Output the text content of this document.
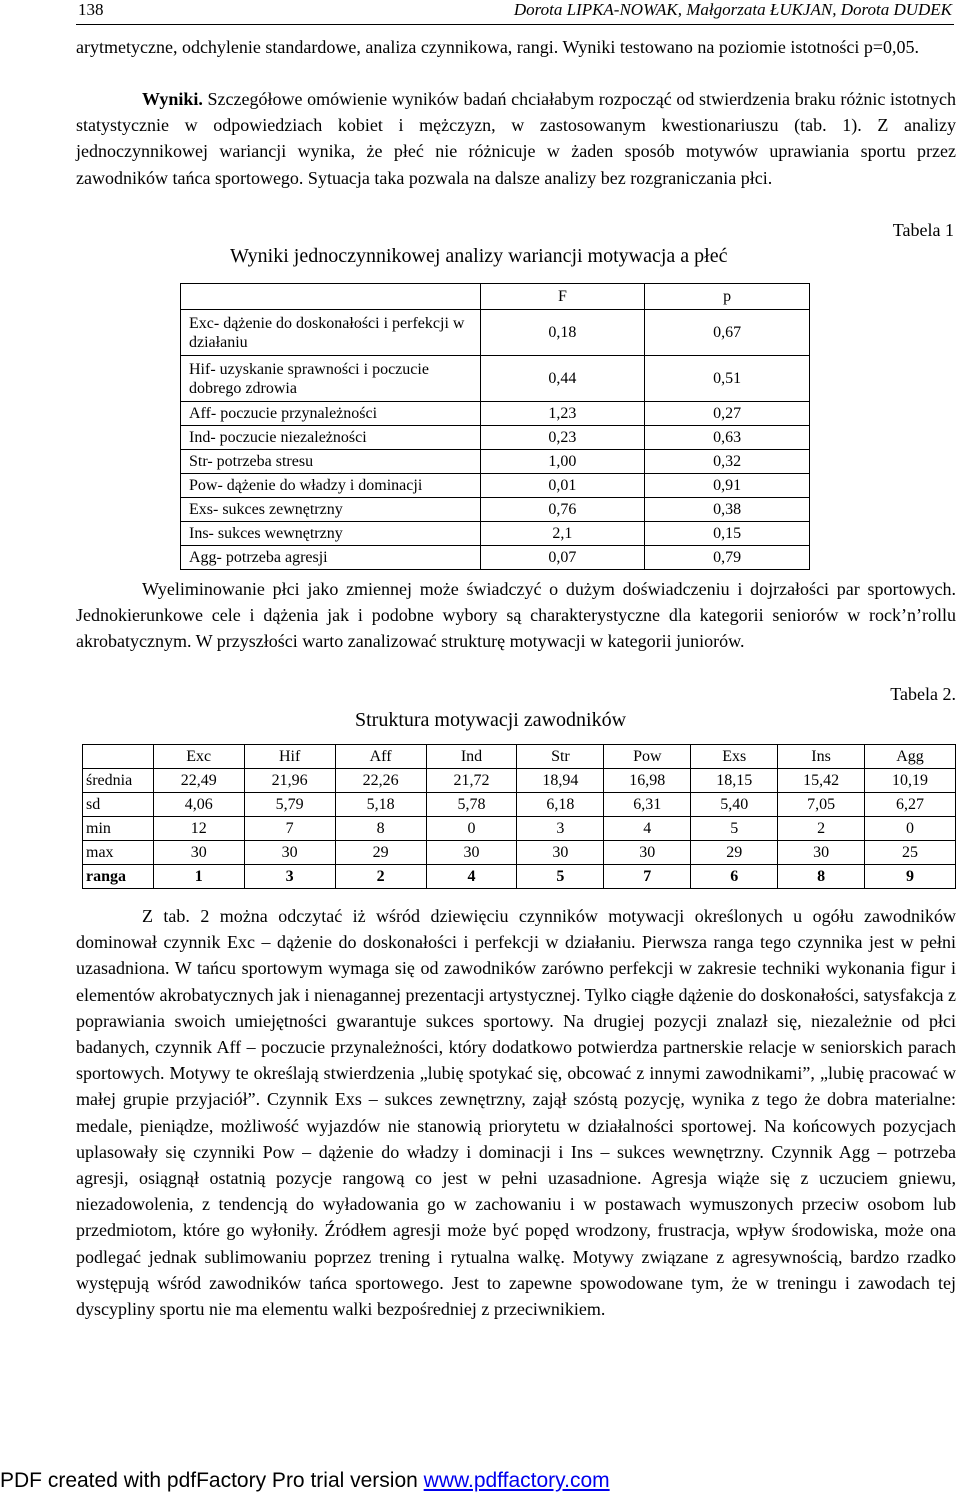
138	Dorota LIPKA-NOWAK, Małgorzata ŁUKJAN, Dorota DUDEK

arytmetyczne, odchylenie standardowe, analiza czynnikowa, rangi. Wyniki testowano na poziomie istotności p=0,05.

Wyniki. Szczegółowe omówienie wyników badań chciałabym rozpocząć od stwierdzenia braku różnic istotnych statystycznie w odpowiedziach kobiet i mężczyzn, w zastosowanym kwestionariuszu (tab. 1). Z analizy jednoczynnikowej wariancji wynika, że płeć nie różnicuje w żaden sposób motywów uprawiania sportu przez zawodników tańca sportowego. Sytuacja taka pozwala na dalsze analizy bez rozgraniczania płci.

Tabela 1
Wyniki jednoczynnikowej analizy wariancji motywacja a płeć
	F	p
Exc- dążenie do doskonałości i perfekcji w działaniu	0,18	0,67
Hif- uzyskanie sprawności i poczucie dobrego zdrowia	0,44	0,51
Aff- poczucie przynależności	1,23	0,27
Ind- poczucie niezależności	0,23	0,63
Str- potrzeba stresu	1,00	0,32
Pow- dążenie do władzy i dominacji	0,01	0,91
Exs- sukces zewnętrzny	0,76	0,38
Ins- sukces wewnętrzny	2,1	0,15
Agg- potrzeba agresji	0,07	0,79

Wyeliminowanie płci jako zmiennej może świadczyć o dużym doświadczeniu i dojrzałości par sportowych. Jednokierunkowe cele i dążenia jak i podobne wybory są charakterystyczne dla kategorii seniorów w rock’n’rollu akrobatycznym. W przyszłości warto zanalizować strukturę motywacji w kategorii juniorów.

Tabela 2.
Struktura motywacji zawodników
	Exc	Hif	Aff	Ind	Str	Pow	Exs	Ins	Agg
średnia	22,49	21,96	22,26	21,72	18,94	16,98	18,15	15,42	10,19
sd	4,06	5,79	5,18	5,78	6,18	6,31	5,40	7,05	6,27
min	12	7	8	0	3	4	5	2	0
max	30	30	29	30	30	30	29	30	25
ranga	1	3	2	4	5	7	6	8	9

Z tab. 2 można odczytać iż wśród dziewięciu czynników motywacji określonych u ogółu zawodników dominował czynnik Exc – dążenie do doskonałości i perfekcji w działaniu. Pierwsza ranga tego czynnika jest w pełni uzasadniona. W tańcu sportowym wymaga się od zawodników zarówno perfekcji w zakresie techniki wykonania figur i elementów akrobatycznych jak i nienagannej prezentacji artystycznej. Tylko ciągłe dążenie do doskonałości, satysfakcja z poprawiania swoich umiejętności gwarantuje sukces sportowy. Na drugiej pozycji znalazł się, niezależnie od płci badanych, czynnik Aff – poczucie przynależności, który dodatkowo potwierdza partnerskie relacje w seniorskich parach sportowych. Motywy te określają stwierdzenia „lubię spotykać się, obcować z innymi zawodnikami”, „lubię pracować w małej grupie przyjaciół”. Czynnik Exs – sukces zewnętrzny, zajął szóstą pozycję, wynika z tego że dobra materialne: medale, pieniądze, możliwość wyjazdów nie stanowią priorytetu w działalności sportowej. Na końcowych pozycjach uplasowały się czynniki Pow – dążenie do władzy i dominacji i Ins – sukces wewnętrzny. Czynnik Agg – potrzeba agresji, osiągnął ostatnią pozycje rangową co jest w pełni uzasadnione. Agresja wiąże się z uczuciem gniewu, niezadowolenia, z tendencją do wyładowania go w zachowaniu i w postawach wymuszonych przeciw osobom lub przedmiotom, które go wyłoniły. Źródłem agresji może być popęd wrodzony, frustracja, wpływ środowiska, może ona podlegać jednak sublimowaniu poprzez trening i rytualna walkę. Motywy związane z agresywnością, bardzo rzadko występują wśród zawodników tańca sportowego. Jest to zapewne spowodowane tym, że w treningu i zawodach tej dyscypliny sportu nie ma elementu walki bezpośredniej z przeciwnikiem.

PDF created with pdfFactory Pro trial version www.pdffactory.com
